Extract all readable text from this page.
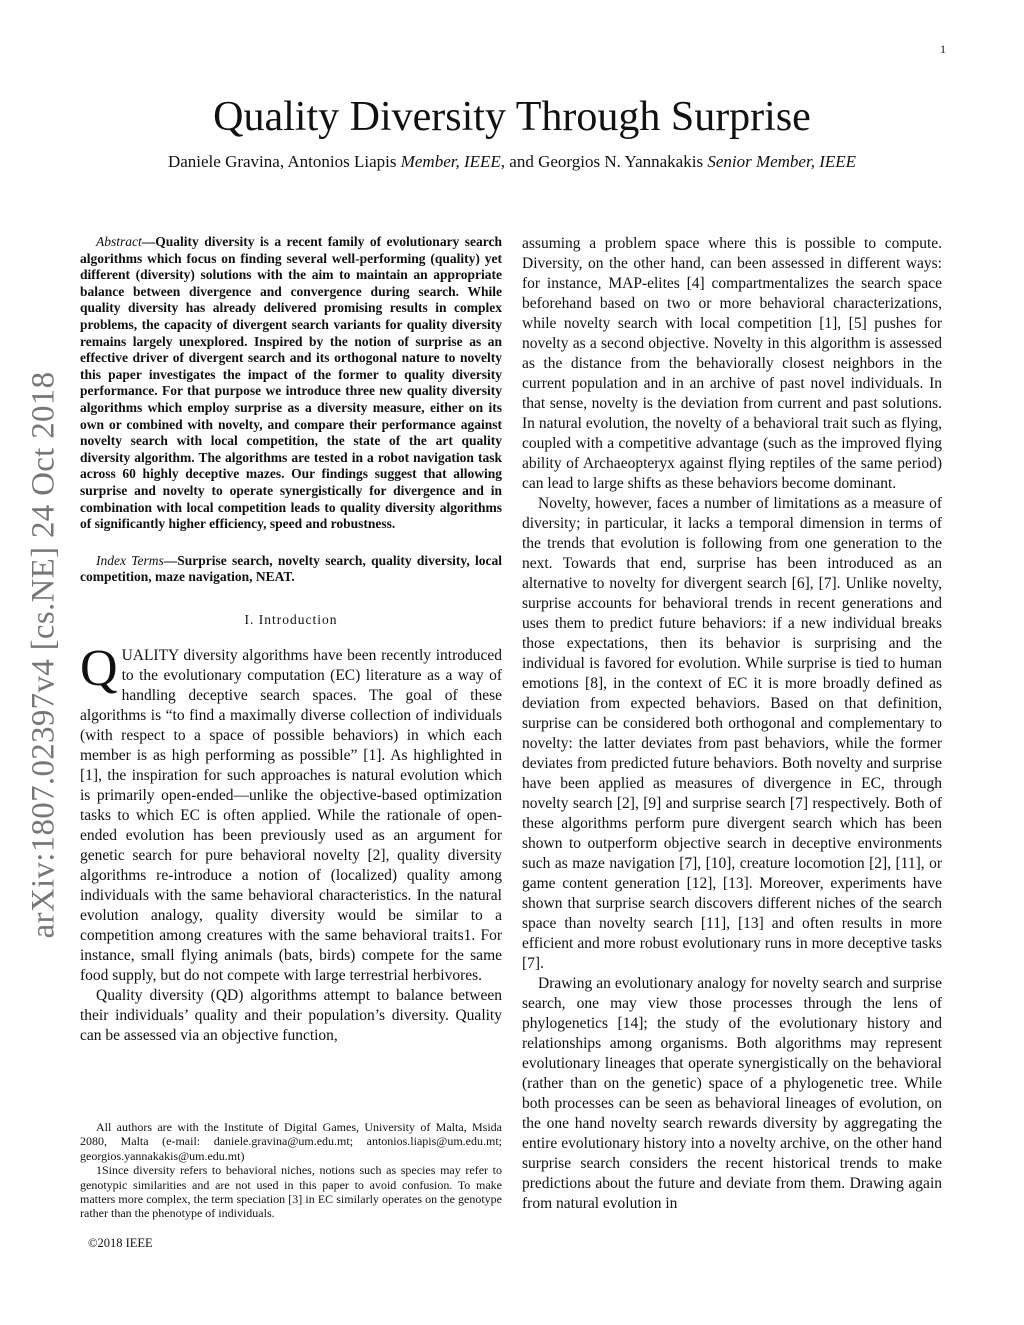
1
arXiv:1807.02397v4 [cs.NE] 24 Oct 2018
Quality Diversity Through Surprise
Daniele Gravina, Antonios Liapis Member, IEEE, and Georgios N. Yannakakis Senior Member, IEEE

Abstract—Quality diversity is a recent family of evolutionary search algorithms which focus on finding several well-performing (quality) yet different (diversity) solutions with the aim to maintain an appropriate balance between divergence and convergence during search. While quality diversity has already delivered promising results in complex problems, the capacity of divergent search variants for quality diversity remains largely unexplored. Inspired by the notion of surprise as an effective driver of divergent search and its orthogonal nature to novelty this paper investigates the impact of the former to quality diversity performance. For that purpose we introduce three new quality diversity algorithms which employ surprise as a diversity measure, either on its own or combined with novelty, and compare their performance against novelty search with local competition, the state of the art quality diversity algorithm. The algorithms are tested in a robot navigation task across 60 highly deceptive mazes. Our findings suggest that allowing surprise and novelty to operate synergistically for divergence and in combination with local competition leads to quality diversity algorithms of significantly higher efficiency, speed and robustness.

Index Terms—Surprise search, novelty search, quality diversity, local competition, maze navigation, NEAT.

I. Introduction

QUALITY diversity algorithms have been recently introduced to the evolutionary computation (EC) literature as a way of handling deceptive search spaces. The goal of these algorithms is “to find a maximally diverse collection of individuals (with respect to a space of possible behaviors) in which each member is as high performing as possible” [1]. As highlighted in [1], the inspiration for such approaches is natural evolution which is primarily open-ended—unlike the objective-based optimization tasks to which EC is often applied. While the rationale of open-ended evolution has been previously used as an argument for genetic search for pure behavioral novelty [2], quality diversity algorithms re-introduce a notion of (localized) quality among individuals with the same behavioral characteristics. In the natural evolution analogy, quality diversity would be similar to a competition among creatures with the same behavioral traits1. For instance, small flying animals (bats, birds) compete for the same food supply, but do not compete with large terrestrial herbivores.

Quality diversity (QD) algorithms attempt to balance between their individuals’ quality and their population’s diversity. Quality can be assessed via an objective function,

All authors are with the Institute of Digital Games, University of Malta, Msida 2080, Malta (e-mail: daniele.gravina@um.edu.mt; antonios.liapis@um.edu.mt; georgios.yannakakis@um.edu.mt)

1Since diversity refers to behavioral niches, notions such as species may refer to genotypic similarities and are not used in this paper to avoid confusion. To make matters more complex, the term speciation [3] in EC similarly operates on the genotype rather than the phenotype of individuals.

©2018 IEEE

assuming a problem space where this is possible to compute. Diversity, on the other hand, can been assessed in different ways: for instance, MAP-elites [4] compartmentalizes the search space beforehand based on two or more behavioral characterizations, while novelty search with local competition [1], [5] pushes for novelty as a second objective. Novelty in this algorithm is assessed as the distance from the behaviorally closest neighbors in the current population and in an archive of past novel individuals. In that sense, novelty is the deviation from current and past solutions. In natural evolution, the novelty of a behavioral trait such as flying, coupled with a competitive advantage (such as the improved flying ability of Archaeopteryx against flying reptiles of the same period) can lead to large shifts as these behaviors become dominant.

Novelty, however, faces a number of limitations as a measure of diversity; in particular, it lacks a temporal dimension in terms of the trends that evolution is following from one generation to the next. Towards that end, surprise has been introduced as an alternative to novelty for divergent search [6], [7]. Unlike novelty, surprise accounts for behavioral trends in recent generations and uses them to predict future behaviors: if a new individual breaks those expectations, then its behavior is surprising and the individual is favored for evolution. While surprise is tied to human emotions [8], in the context of EC it is more broadly defined as deviation from expected behaviors. Based on that definition, surprise can be considered both orthogonal and complementary to novelty: the latter deviates from past behaviors, while the former deviates from predicted future behaviors. Both novelty and surprise have been applied as measures of divergence in EC, through novelty search [2], [9] and surprise search [7] respectively. Both of these algorithms perform pure divergent search which has been shown to outperform objective search in deceptive environments such as maze navigation [7], [10], creature locomotion [2], [11], or game content generation [12], [13]. Moreover, experiments have shown that surprise search discovers different niches of the search space than novelty search [11], [13] and often results in more efficient and more robust evolutionary runs in more deceptive tasks [7].

Drawing an evolutionary analogy for novelty search and surprise search, one may view those processes through the lens of phylogenetics [14]; the study of the evolutionary history and relationships among organisms. Both algorithms may represent evolutionary lineages that operate synergistically on the behavioral (rather than on the genetic) space of a phylogenetic tree. While both processes can be seen as behavioral lineages of evolution, on the one hand novelty search rewards diversity by aggregating the entire evolutionary history into a novelty archive, on the other hand surprise search considers the recent historical trends to make predictions about the future and deviate from them. Drawing again from natural evolution in
